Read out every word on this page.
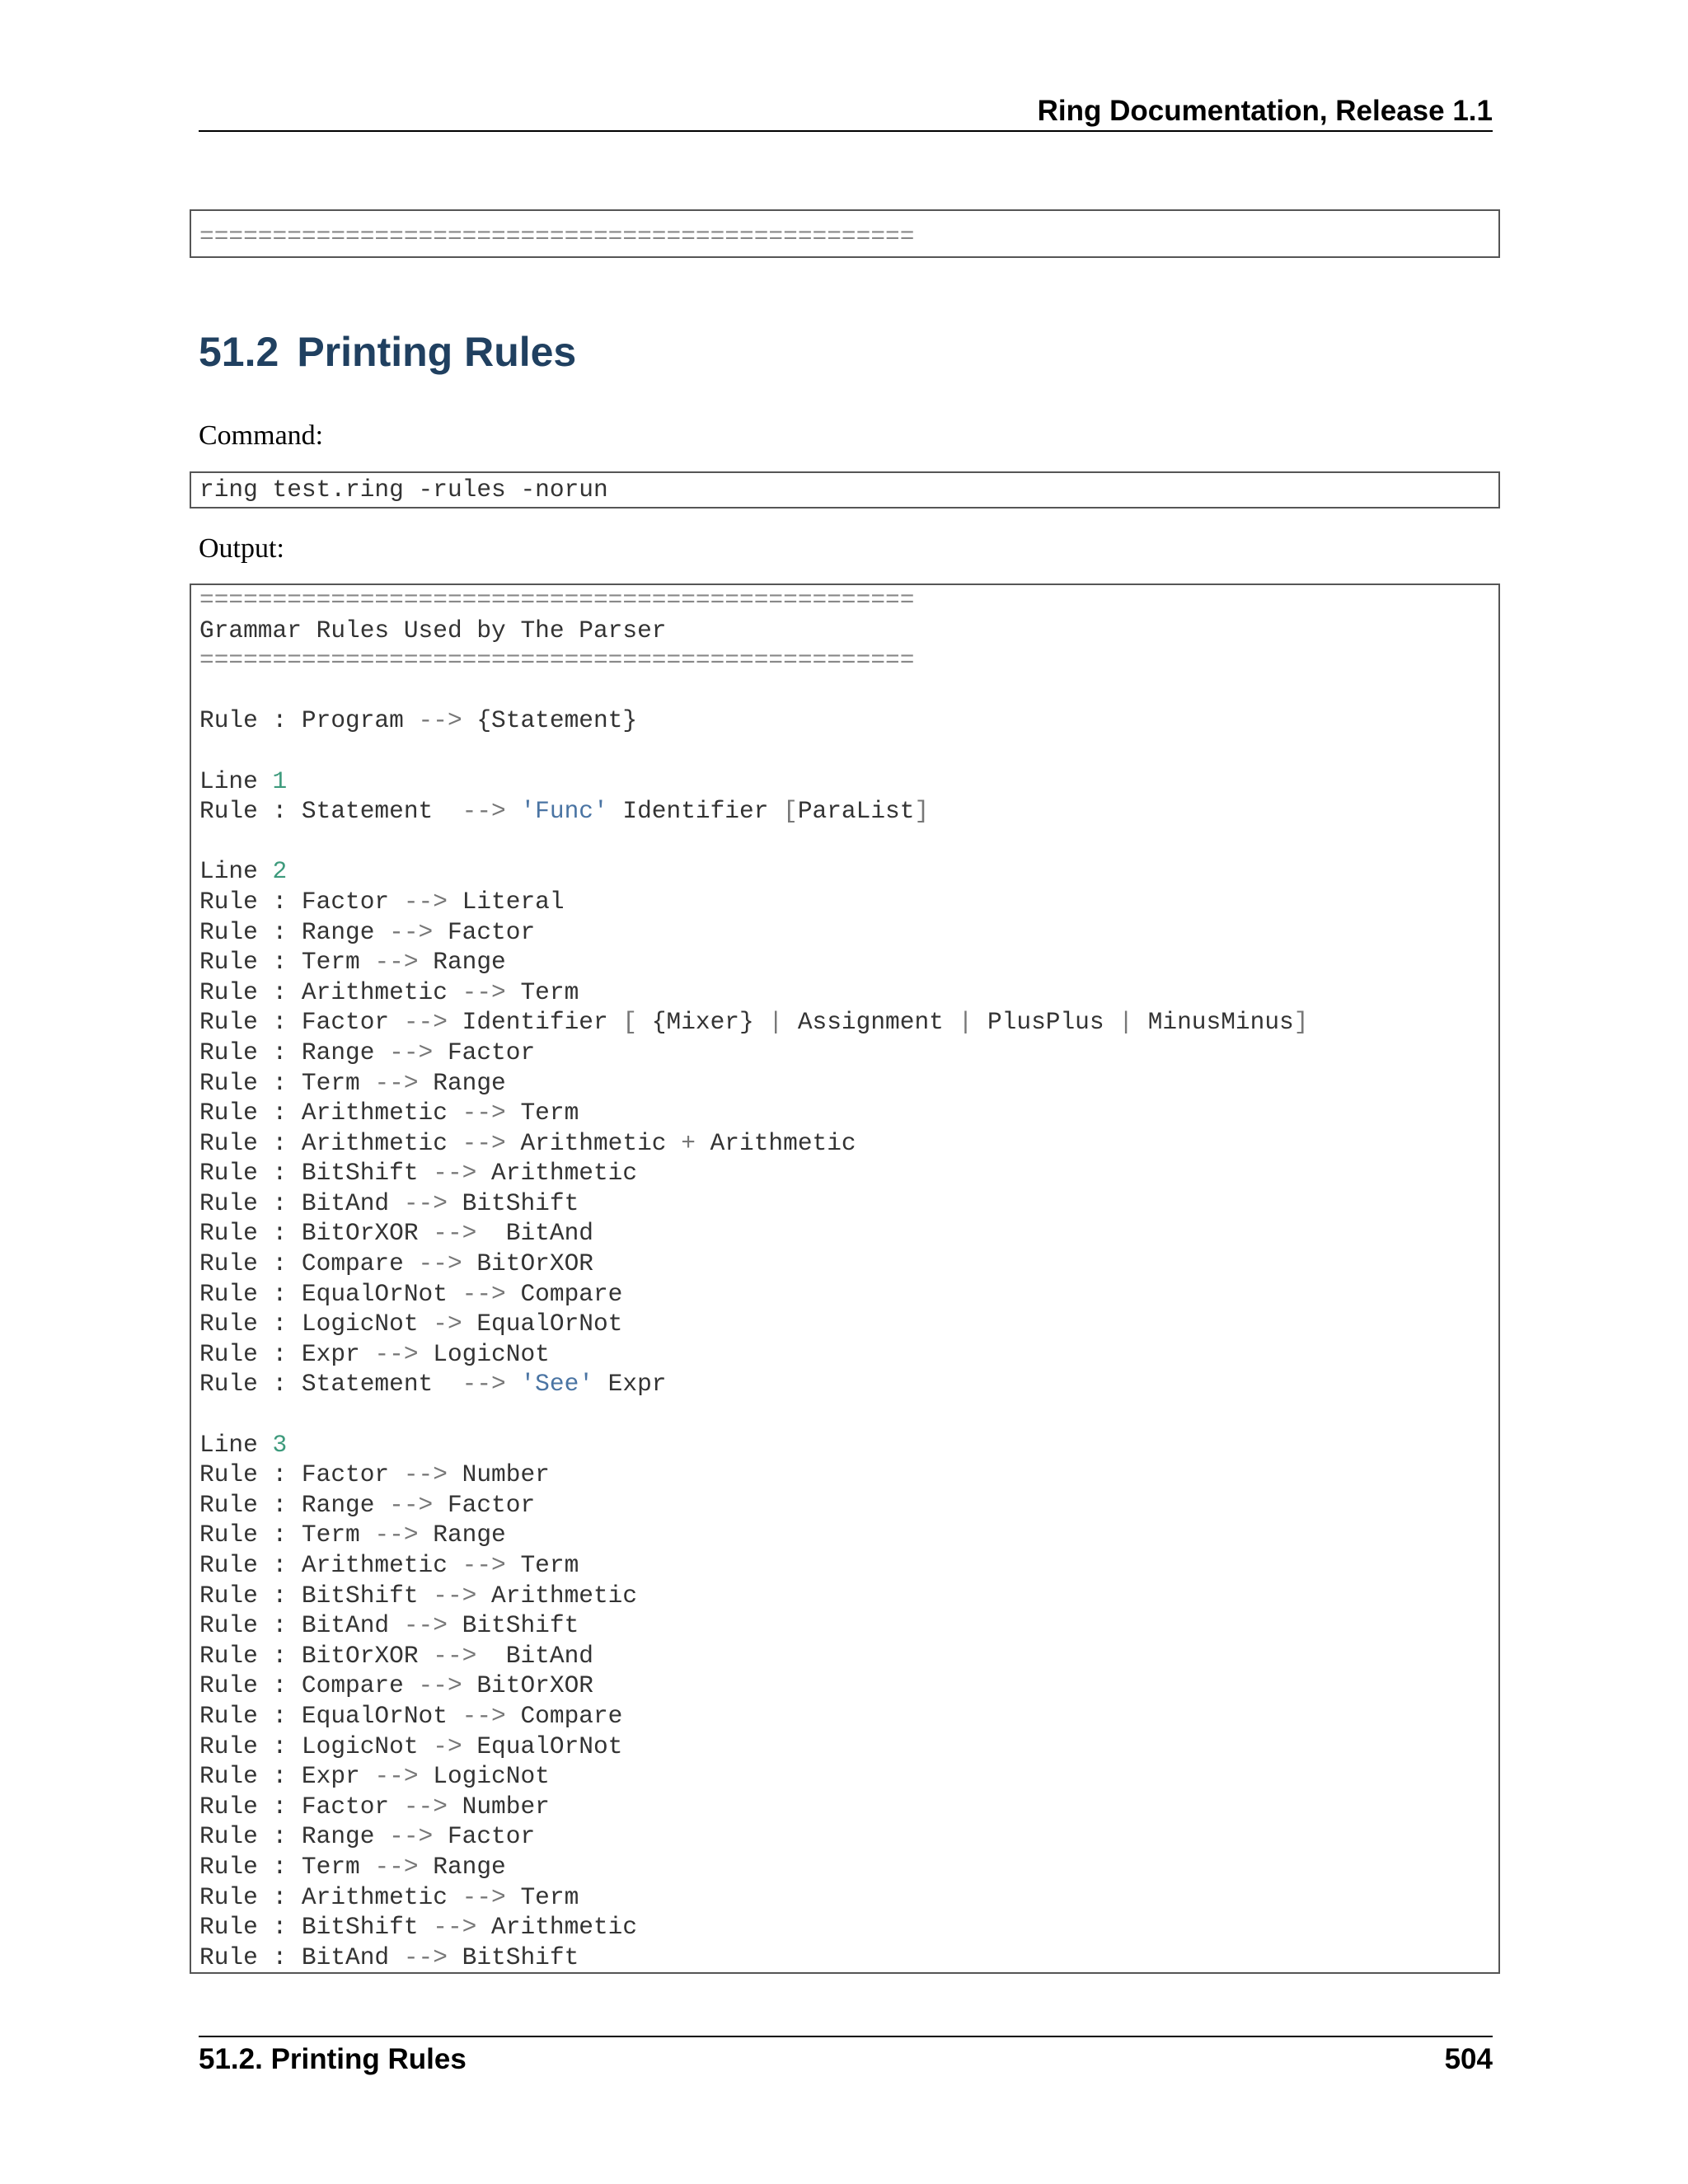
Ring Documentation, Release 1.1
=================================================
51.2 Printing Rules

Command:

ring test.ring -rules -norun

Output:

=================================================
Grammar Rules Used by The Parser
=================================================
Rule : Program --> {Statement}
Line 1
Rule : Statement  --> 'Func' Identifier [ParaList]
Line 2
Rule : Factor --> Literal
Rule : Range --> Factor
Rule : Term --> Range
Rule : Arithmetic --> Term
Rule : Factor --> Identifier [ {Mixer} | Assignment | PlusPlus | MinusMinus]
Rule : Range --> Factor
Rule : Term --> Range
Rule : Arithmetic --> Term
Rule : Arithmetic --> Arithmetic + Arithmetic
Rule : BitShift --> Arithmetic
Rule : BitAnd --> BitShift
Rule : BitOrXOR -->  BitAnd
Rule : Compare --> BitOrXOR
Rule : EqualOrNot --> Compare
Rule : LogicNot -> EqualOrNot
Rule : Expr --> LogicNot
Rule : Statement  --> 'See' Expr
Line 3
Rule : Factor --> Number
Rule : Range --> Factor
Rule : Term --> Range
Rule : Arithmetic --> Term
Rule : BitShift --> Arithmetic
Rule : BitAnd --> BitShift
Rule : BitOrXOR -->  BitAnd
Rule : Compare --> BitOrXOR
Rule : EqualOrNot --> Compare
Rule : LogicNot -> EqualOrNot
Rule : Expr --> LogicNot
Rule : Factor --> Number
Rule : Range --> Factor
Rule : Term --> Range
Rule : Arithmetic --> Term
Rule : BitShift --> Arithmetic
Rule : BitAnd --> BitShift
51.2. Printing Rules	504
